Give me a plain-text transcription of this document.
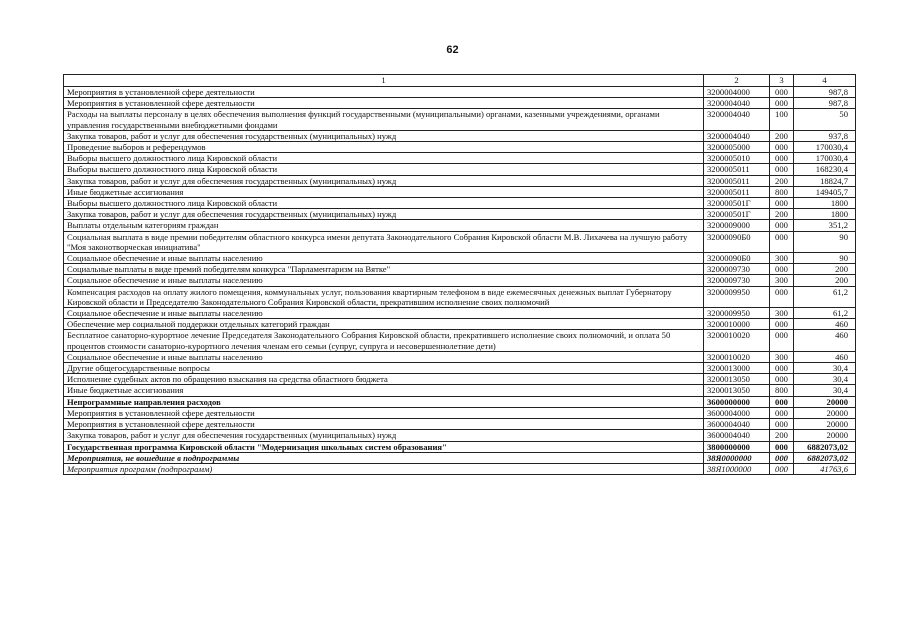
62
1	2	3	4
Мероприятия в установленной сфере деятельности	3200004000	000	987,8
Мероприятия в установленной сфере деятельности	3200004040	000	987,8
Расходы на выплаты персоналу в целях обеспечения выполнения функций государственными (муниципальными) органами, казенными учреждениями, органами управления государственными внебюджетными фондами	3200004040	100	50
Закупка товаров, работ и услуг для обеспечения государственных (муниципальных) нужд	3200004040	200	937,8
Проведение выборов и референдумов	3200005000	000	170030,4
Выборы высшего должностного лица Кировской области	3200005010	000	170030,4
Выборы высшего должностного лица Кировской области	3200005011	000	168230,4
Закупка товаров, работ и услуг для обеспечения государственных (муниципальных) нужд	3200005011	200	18824,7
Иные бюджетные ассигнования	3200005011	800	149405,7
Выборы высшего должностного лица Кировской области	320000501Г	000	1800
Закупка товаров, работ и услуг для обеспечения государственных (муниципальных) нужд	320000501Г	200	1800
Выплаты отдельным категориям граждан	3200009000	000	351,2
Социальная выплата в виде премии победителям областного конкурса имени депутата Законодательного Собрания Кировской области М.В. Лихачева на лучшую работу "Моя законотворческая инициатива"	32000090Б0	000	90
Социальное обеспечение и иные выплаты населению	32000090Б0	300	90
Социальные выплаты в виде премий победителям конкурса "Парламентаризм на Вятке"	3200009730	000	200
Социальное обеспечение и иные выплаты населению	3200009730	300	200
Компенсация расходов на оплату жилого помещения, коммунальных услуг, пользования квартирным телефоном в виде ежемесячных денежных выплат Губернатору Кировской области и Председателю Законодательного Собрания Кировской области, прекратившим исполнение своих полномочий	3200009950	000	61,2
Социальное обеспечение и иные выплаты населению	3200009950	300	61,2
Обеспечение мер социальной поддержки отдельных категорий граждан	3200010000	000	460
Бесплатное санаторно-курортное лечение Председателя Законодательного Собрания Кировской области, прекратившего исполнение своих полномочий, и оплата 50 процентов стоимости санаторно-курортного лечения членам его семьи (супруг, супруга и несовершеннолетние дети)	3200010020	000	460
Социальное обеспечение и иные выплаты населению	3200010020	300	460
Другие общегосударственные вопросы	3200013000	000	30,4
Исполнение судебных актов по обращению взыскания на средства областного бюджета	3200013050	000	30,4
Иные бюджетные ассигнования	3200013050	800	30,4
Непрограммные направления расходов	3600000000	000	20000
Мероприятия в установленной сфере деятельности	3600004000	000	20000
Мероприятия в установленной сфере деятельности	3600004040	000	20000
Закупка товаров, работ и услуг для обеспечения государственных (муниципальных) нужд	3600004040	200	20000
Государственная программа Кировской области "Модернизация школьных систем образования"	3800000000	000	6882073,02
Мероприятия, не вошедшие в подпрограммы	38Я0000000	000	6882073,02
Мероприятия программ (подпрограмм)	38Я1000000	000	41763,6
